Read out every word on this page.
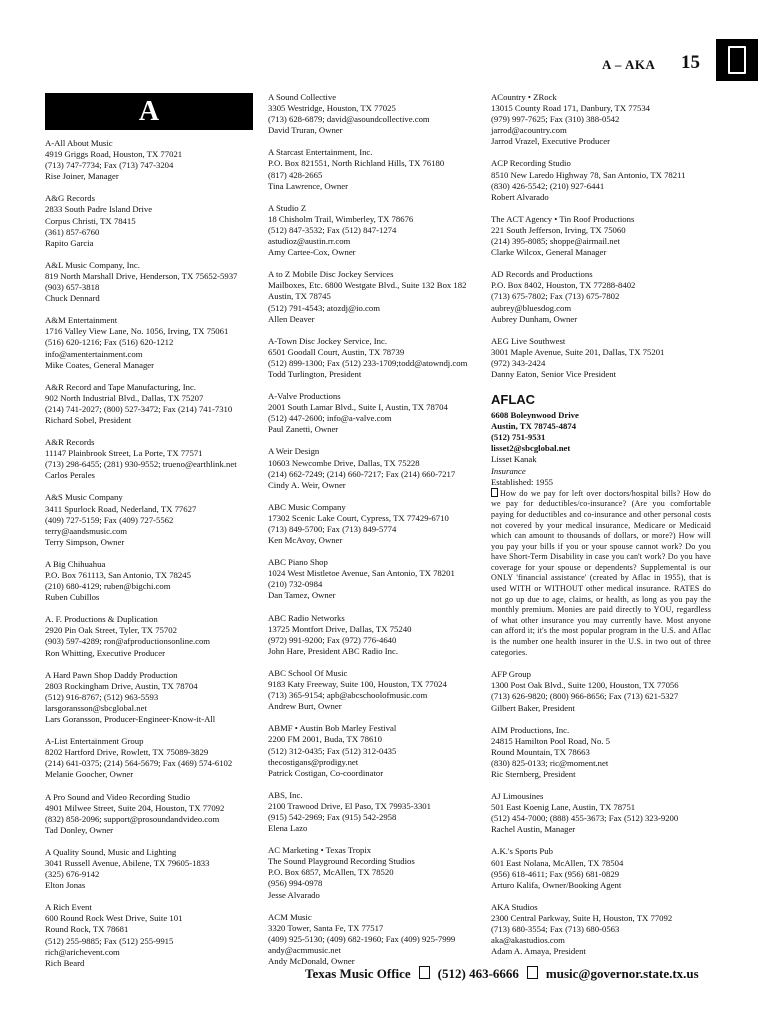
A – AKA 15
A
A-All About Music
4919 Griggs Road, Houston, TX 77021
(713) 747-7734; Fax (713) 747-3204
Rise Joiner, Manager
A&G Records
2833 South Padre Island Drive
Corpus Christi, TX 78415
(361) 857-6760
Rapito Garcia
A&L Music Company, Inc.
819 North Marshall Drive, Henderson, TX 75652-5937
(903) 657-3818
Chuck Dennard
A&M Entertainment
1716 Valley View Lane, No. 1056, Irving, TX 75061
(516) 620-1216; Fax (516) 620-1212
info@amentertainment.com
Mike Coates, General Manager
A&R Record and Tape Manufacturing, Inc.
902 North Industrial Blvd., Dallas, TX 75207
(214) 741-2027; (800) 527-3472; Fax (214) 741-7310
Richard Sobel, President
A&R Records
11147 Plainbrook Street, La Porte, TX 77571
(713) 298-6455; (281) 930-9552; trueno@earthlink.net
Carlos Perales
A&S Music Company
3411 Spurlock Road, Nederland, TX 77627
(409) 727-5159; Fax (409) 727-5562
terry@aandsmusic.com
Terry Simpson, Owner
A Big Chihuahua
P.O. Box 761113, San Antonio, TX 78245
(210) 680-4129; ruben@bigchi.com
Ruben Cubillos
A. F. Productions & Duplication
2920 Pin Oak Street, Tyler, TX 75702
(903) 597-4289; ron@afproductionsonline.com
Ron Whitting, Executive Producer
A Hard Pawn Shop Daddy Production
2803 Rockingham Drive, Austin, TX 78704
(512) 916-8767; (512) 963-5593
larsgoransson@sbcglobal.net
Lars Goransson, Producer-Engineer-Know-it-All
A-List Entertainment Group
8202 Hartford Drive, Rowlett, TX 75089-3829
(214) 641-0375; (214) 564-5679; Fax (469) 574-6102
Melanie Goocher, Owner
A Pro Sound and Video Recording Studio
4901 Milwee Street, Suite 204, Houston, TX 77092
(832) 858-2096; support@prosoundandvideo.com
Tad Donley, Owner
A Quality Sound, Music and Lighting
3041 Russell Avenue, Abilene, TX 79605-1833
(325) 676-9142
Elton Jonas
A Rich Event
600 Round Rock West Drive, Suite 101
Round Rock, TX 78681
(512) 255-9885; Fax (512) 255-9915
rich@arichevent.com
Rich Beard
A Sound Collective
3305 Westridge, Houston, TX 77025
(713) 628-6879; david@asoundcollective.com
David Truran, Owner
A Starcast Entertainment, Inc.
P.O. Box 821551, North Richland Hills, TX 76180
(817) 428-2665
Tina Lawrence, Owner
A Studio Z
18 Chisholm Trail, Wimberley, TX 78676
(512) 847-3532; Fax (512) 847-1274
astudioz@austin.rr.com
Amy Cartee-Cox, Owner
A to Z Mobile Disc Jockey Services
Mailboxes, Etc. 6800 Westgate Blvd., Suite 132 Box 182
Austin, TX 78745
(512) 791-4543; atozdj@io.com
Allen Deaver
A-Town Disc Jockey Service, Inc.
6501 Goodall Court, Austin, TX 78739
(512) 899-1300; Fax (512) 233-1709;todd@atowndj.com
Todd Turlington, President
A-Valve Productions
2001 South Lamar Blvd., Suite I, Austin, TX 78704
(512) 447-2600; info@a-valve.com
Paul Zanetti, Owner
A Weir Design
10603 Newcombe Drive, Dallas, TX 75228
(214) 662-7249; (214) 660-7217; Fax (214) 660-7217
Cindy A. Weir, Owner
ABC Music Company
17302 Scenic Lake Court, Cypress, TX 77429-6710
(713) 849-5700; Fax (713) 849-5774
Ken McAvoy, Owner
ABC Piano Shop
1024 West Mistletoe Avenue, San Antonio, TX 78201
(210) 732-0984
Dan Tamez, Owner
ABC Radio Networks
13725 Montfort Drive, Dallas, TX 75240
(972) 991-9200; Fax (972) 776-4640
John Hare, President ABC Radio Inc.
ABC School Of Music
9183 Katy Freeway, Suite 100, Houston, TX 77024
(713) 365-9154; apb@abcschoolofmusic.com
Andrew Burt, Owner
ABMF • Austin Bob Marley Festival
2200 FM 2001, Buda, TX 78610
(512) 312-0435; Fax (512) 312-0435
thecostigans@prodigy.net
Patrick Costigan, Co-coordinator
ABS, Inc.
2100 Trawood Drive, El Paso, TX 79935-3301
(915) 542-2969; Fax (915) 542-2958
Elena Lazo
AC Marketing • Texas Tropix
The Sound Playground Recording Studios
P.O. Box 6857, McAllen, TX 78520
(956) 994-0978
Jesse Alvarado
ACM Music
3320 Tower, Santa Fe, TX 77517
(409) 925-5130; (409) 682-1960; Fax (409) 925-7999
andy@acmmusic.net
Andy McDonald, Owner
ACountry • ZRock
13015 County Road 171, Danbury, TX 77534
(979) 997-7625; Fax (310) 388-0542
jarrod@acountry.com
Jarrod Vrazel, Executive Producer
ACP Recording Studio
8510 New Laredo Highway 78, San Antonio, TX 78211
(830) 426-5542; (210) 927-6441
Robert Alvarado
The ACT Agency • Tin Roof Productions
221 South Jefferson, Irving, TX 75060
(214) 395-8085; shoppe@airmail.net
Clarke Wilcox, General Manager
AD Records and Productions
P.O. Box 8402, Houston, TX 77288-8402
(713) 675-7802; Fax (713) 675-7802
aubrey@bluesdog.com
Aubrey Dunham, Owner
AEG Live Southwest
3001 Maple Avenue, Suite 201, Dallas, TX 75201
(972) 343-2424
Danny Eaton, Senior Vice President
AFLAC
6608 Boleynwood Drive
Austin, TX 78745-4874
(512) 751-9531
lisset2@sbcglobal.net
Lisset Kanak
Insurance
Established: 1955
How do we pay for left over doctors/hospital bills? How do we pay for deductibles/co-insurance? (Are you comfortable paying for deductibles and co-insurance and other personal costs not covered by your medical insurance, Medicare or Medicaid which can amount to thousands of dollars, or more?) How will you pay your bills if you or your spouse cannot work? Do you have Short-Term Disability in case you can't work? Do you have coverage for your spouse or dependents? Supplemental is our ONLY 'financial assistance' (created by Aflac in 1955), that is used WITH or WITHOUT other medical insurance. RATES do not go up due to age, claims, or health, as long as you pay the monthly premium. Monies are paid directly to YOU, regardless of what other insurance you may currently have. Most anyone can afford it; it's the most popular program in the U.S. and Aflac is the number one health insurer in the U.S. in two out of three categories.
AFP Group
1300 Post Oak Blvd., Suite 1200, Houston, TX 77056
(713) 626-9820; (800) 966-8656; Fax (713) 621-5327
Gilbert Baker, President
AIM Productions, Inc.
24815 Hamilton Pool Road, No. 5
Round Mountain, TX 78663
(830) 825-0133; ric@moment.net
Ric Sternberg, President
AJ Limousines
501 East Koenig Lane, Austin, TX 78751
(512) 454-7000; (888) 455-3673; Fax (512) 323-9200
Rachel Austin, Manager
A.K.'s Sports Pub
601 East Nolana, McAllen, TX 78504
(956) 618-4611; Fax (956) 681-0829
Arturo Kalifa, Owner/Booking Agent
AKA Studios
2300 Central Parkway, Suite H, Houston, TX 77092
(713) 680-3554; Fax (713) 680-0563
aka@akastudios.com
Adam A. Amaya, President
Texas Music Office (512) 463-6666 music@governor.state.tx.us
